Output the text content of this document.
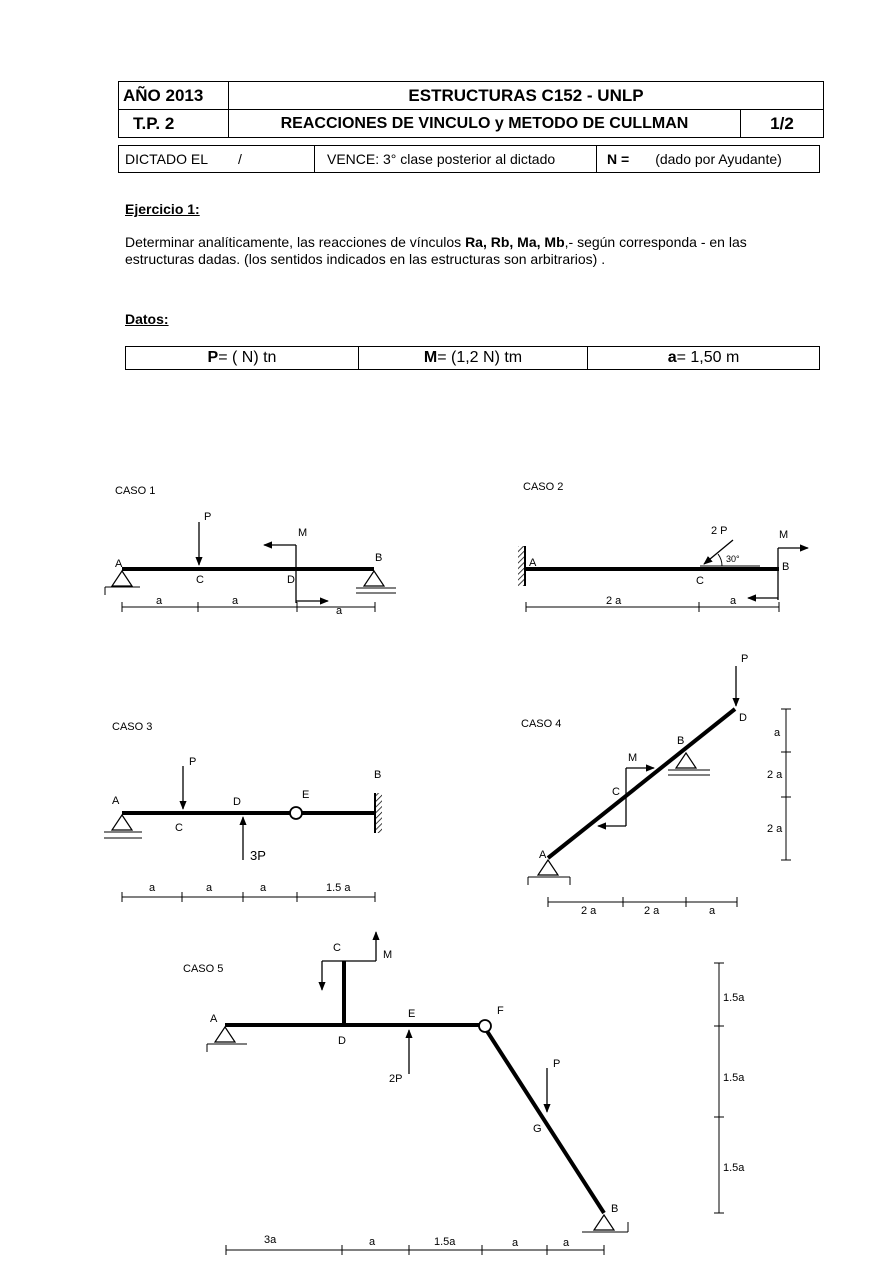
AÑO 2013	ESTRUCTURAS C152 - UNLP
T.P. 2	REACCIONES DE VINCULO y METODO DE CULLMAN	1/2
DICTADO EL /	VENCE: 3° clase posterior al dictado	N = (dado por Ayudante)
Ejercicio 1:
Determinar analíticamente, las reacciones de vínculos Ra, Rb, Ma, Mb,- según corresponda - en las estructuras dadas. (los sentidos indicados en las estructuras son arbitrarios) .
Datos:
P = ( N) tn	M = (1,2 N) tm	a = 1,50 m
CASO 1
P
M
A	B
C	D
a	a
a
CASO 2
2 P
30°
M
A	B
C
2 a	a
CASO 3
P
3P
A
B
C
D
E
a	a	a	1.5 a
CASO 4
P
M
A
B
C
D
2 a	2 a	a
a
2 a
2 a
CASO 5
M
2P
P
A
B
C
D
E	F
G
3a	a	1.5a	a	a
1.5a
1.5a
1.5a
